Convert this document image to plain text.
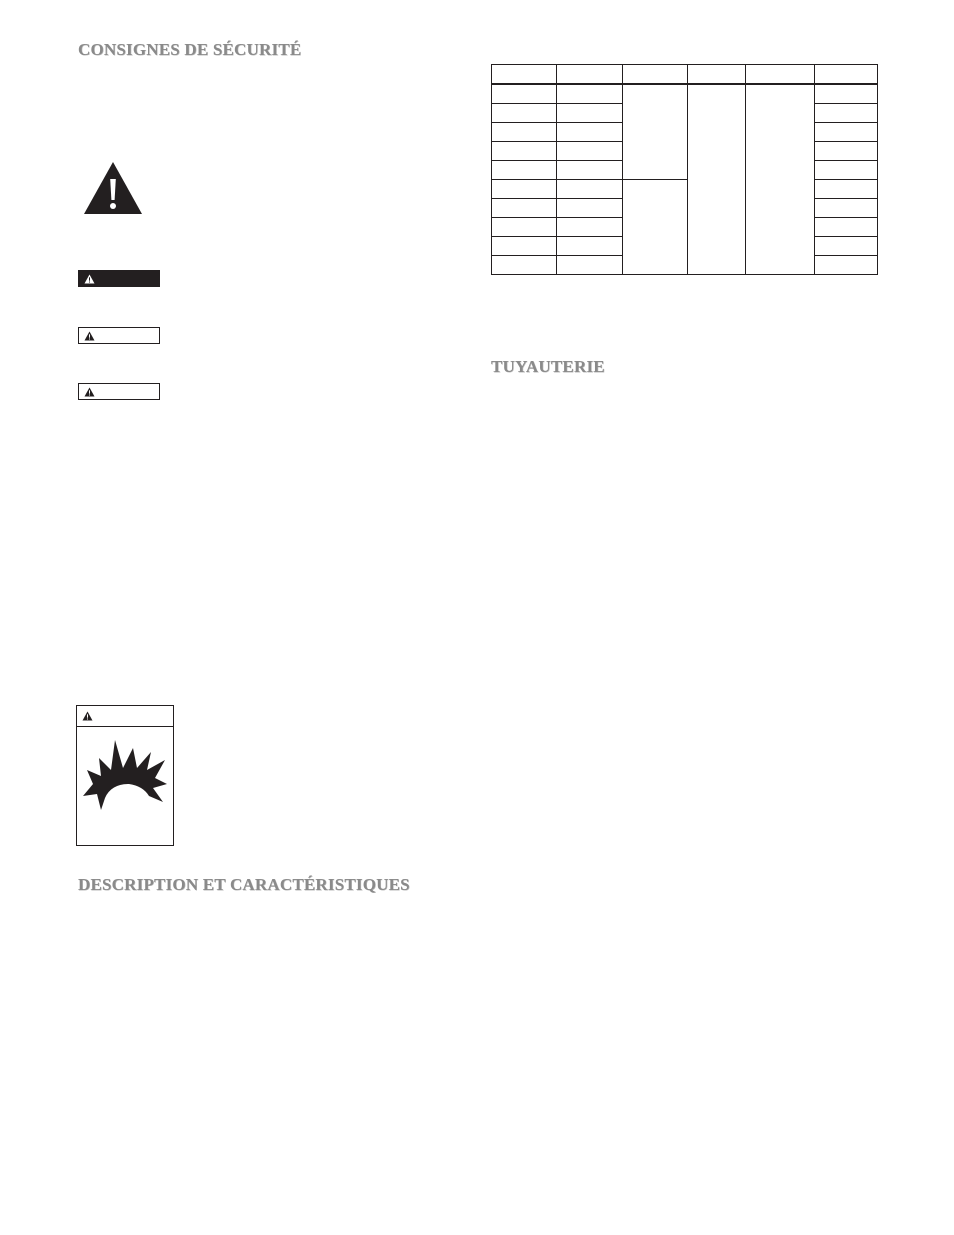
CONSIGNES DE SÉCURITÉ
DESCRIPTION ET CARACTÉRISTIQUES

TUYAUTERIE
